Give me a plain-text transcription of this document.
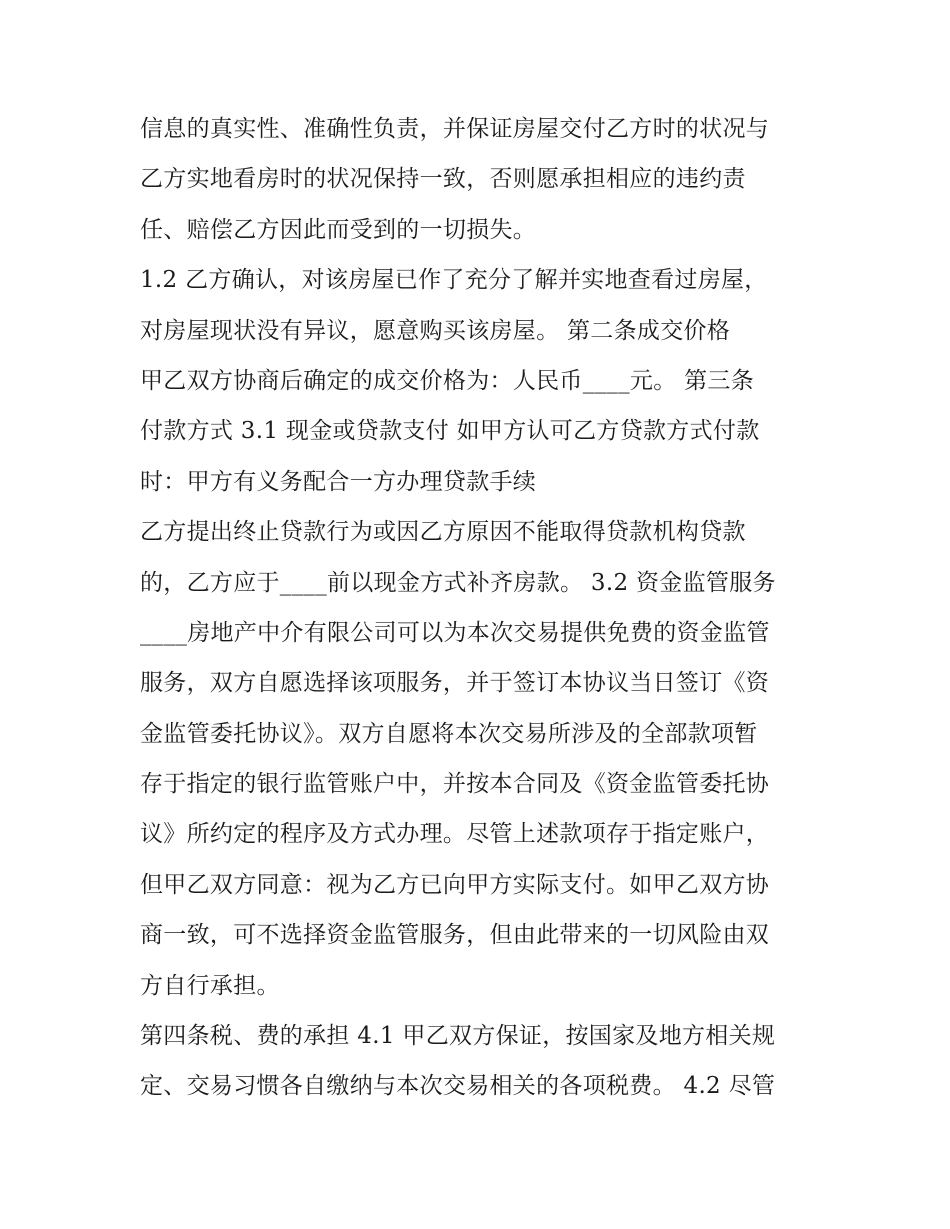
信息的真实性、准确性负责，并保证房屋交付乙方时的状况与
乙方实地看房时的状况保持一致，否则愿承担相应的违约责
任、赔偿乙方因此而受到的一切损失。
1.2 乙方确认，对该房屋已作了充分了解并实地查看过房屋，
对房屋现状没有异议，愿意购买该房屋。 第二条成交价格
甲乙双方协商后确定的成交价格为：人民币____元。 第三条
付款方式 3.1 现金或贷款支付 如甲方认可乙方贷款方式付款
时：甲方有义务配合一方办理贷款手续
乙方提出终止贷款行为或因乙方原因不能取得贷款机构贷款
的，乙方应于____前以现金方式补齐房款。 3.2 资金监管服务
____房地产中介有限公司可以为本次交易提供免费的资金监管
服务，双方自愿选择该项服务，并于签订本协议当日签订《资
金监管委托协议》。双方自愿将本次交易所涉及的全部款项暂
存于指定的银行监管账户中，并按本合同及《资金监管委托协
议》所约定的程序及方式办理。尽管上述款项存于指定账户，
但甲乙双方同意：视为乙方已向甲方实际支付。如甲乙双方协
商一致，可不选择资金监管服务，但由此带来的一切风险由双
方自行承担。
第四条税、费的承担 4.1 甲乙双方保证，按国家及地方相关规
定、交易习惯各自缴纳与本次交易相关的各项税费。 4.2 尽管
